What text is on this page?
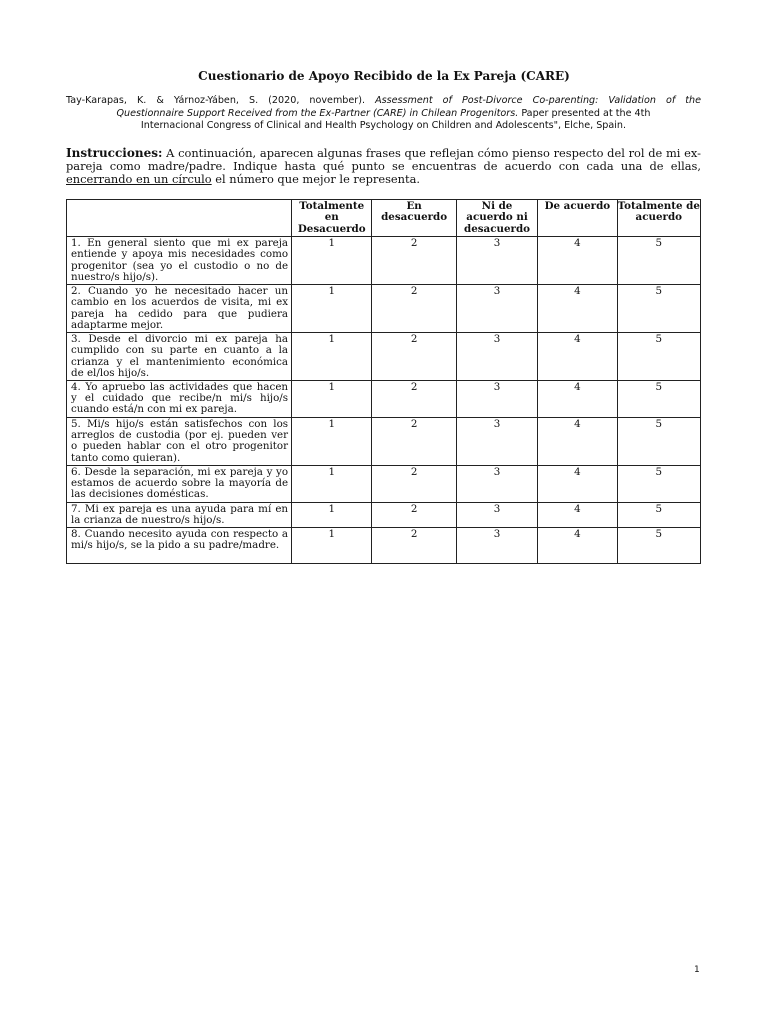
Cuestionario de Apoyo Recibido de la Ex Pareja (CARE)
Tay-Karapas, K. & Yárnoz-Yáben, S. (2020, november). Assessment of Post-Divorce Co-parenting: Validation of the
Questionnaire Support Received from the Ex-Partner (CARE) in Chilean Progenitors. Paper presented at the 4th
Internacional Congress of Clinical and Health Psychology on Children and Adolescents", Elche, Spain.
Instrucciones: A continuación, aparecen algunas frases que reflejan cómo pienso respecto del rol de mi ex-pareja como madre/padre. Indique hasta qué punto se encuentras de acuerdo con cada una de ellas, encerrando en un círculo el número que mejor le representa.
	Totalmente en Desacuerdo	En desacuerdo	Ni de acuerdo ni desacuerdo	De acuerdo	Totalmente de acuerdo
1. En general siento que mi ex pareja entiende y apoya mis necesidades como progenitor (sea yo el custodio o no de nuestro/s hijo/s).	1	2	3	4	5
2. Cuando yo he necesitado hacer un cambio en los acuerdos de visita, mi ex pareja ha cedido para que pudiera adaptarme mejor.	1	2	3	4	5
3. Desde el divorcio mi ex pareja ha cumplido con su parte en cuanto a la crianza y el mantenimiento económica de el/los hijo/s.	1	2	3	4	5
4. Yo apruebo las actividades que hacen y el cuidado que recibe/n mi/s hijo/s cuando está/n con mi ex pareja.	1	2	3	4	5
5. Mi/s hijo/s están satisfechos con los arreglos de custodia (por ej. pueden ver o pueden hablar con el otro progenitor tanto como quieran).	1	2	3	4	5
6. Desde la separación, mi ex pareja y yo estamos de acuerdo sobre la mayoría de las decisiones domésticas.	1	2	3	4	5
7. Mi ex pareja es una ayuda para mí en la crianza de nuestro/s hijo/s.	1	2	3	4	5
8. Cuando necesito ayuda con respecto a mi/s hijo/s, se la pido a su padre/madre.	1	2	3	4	5
1
